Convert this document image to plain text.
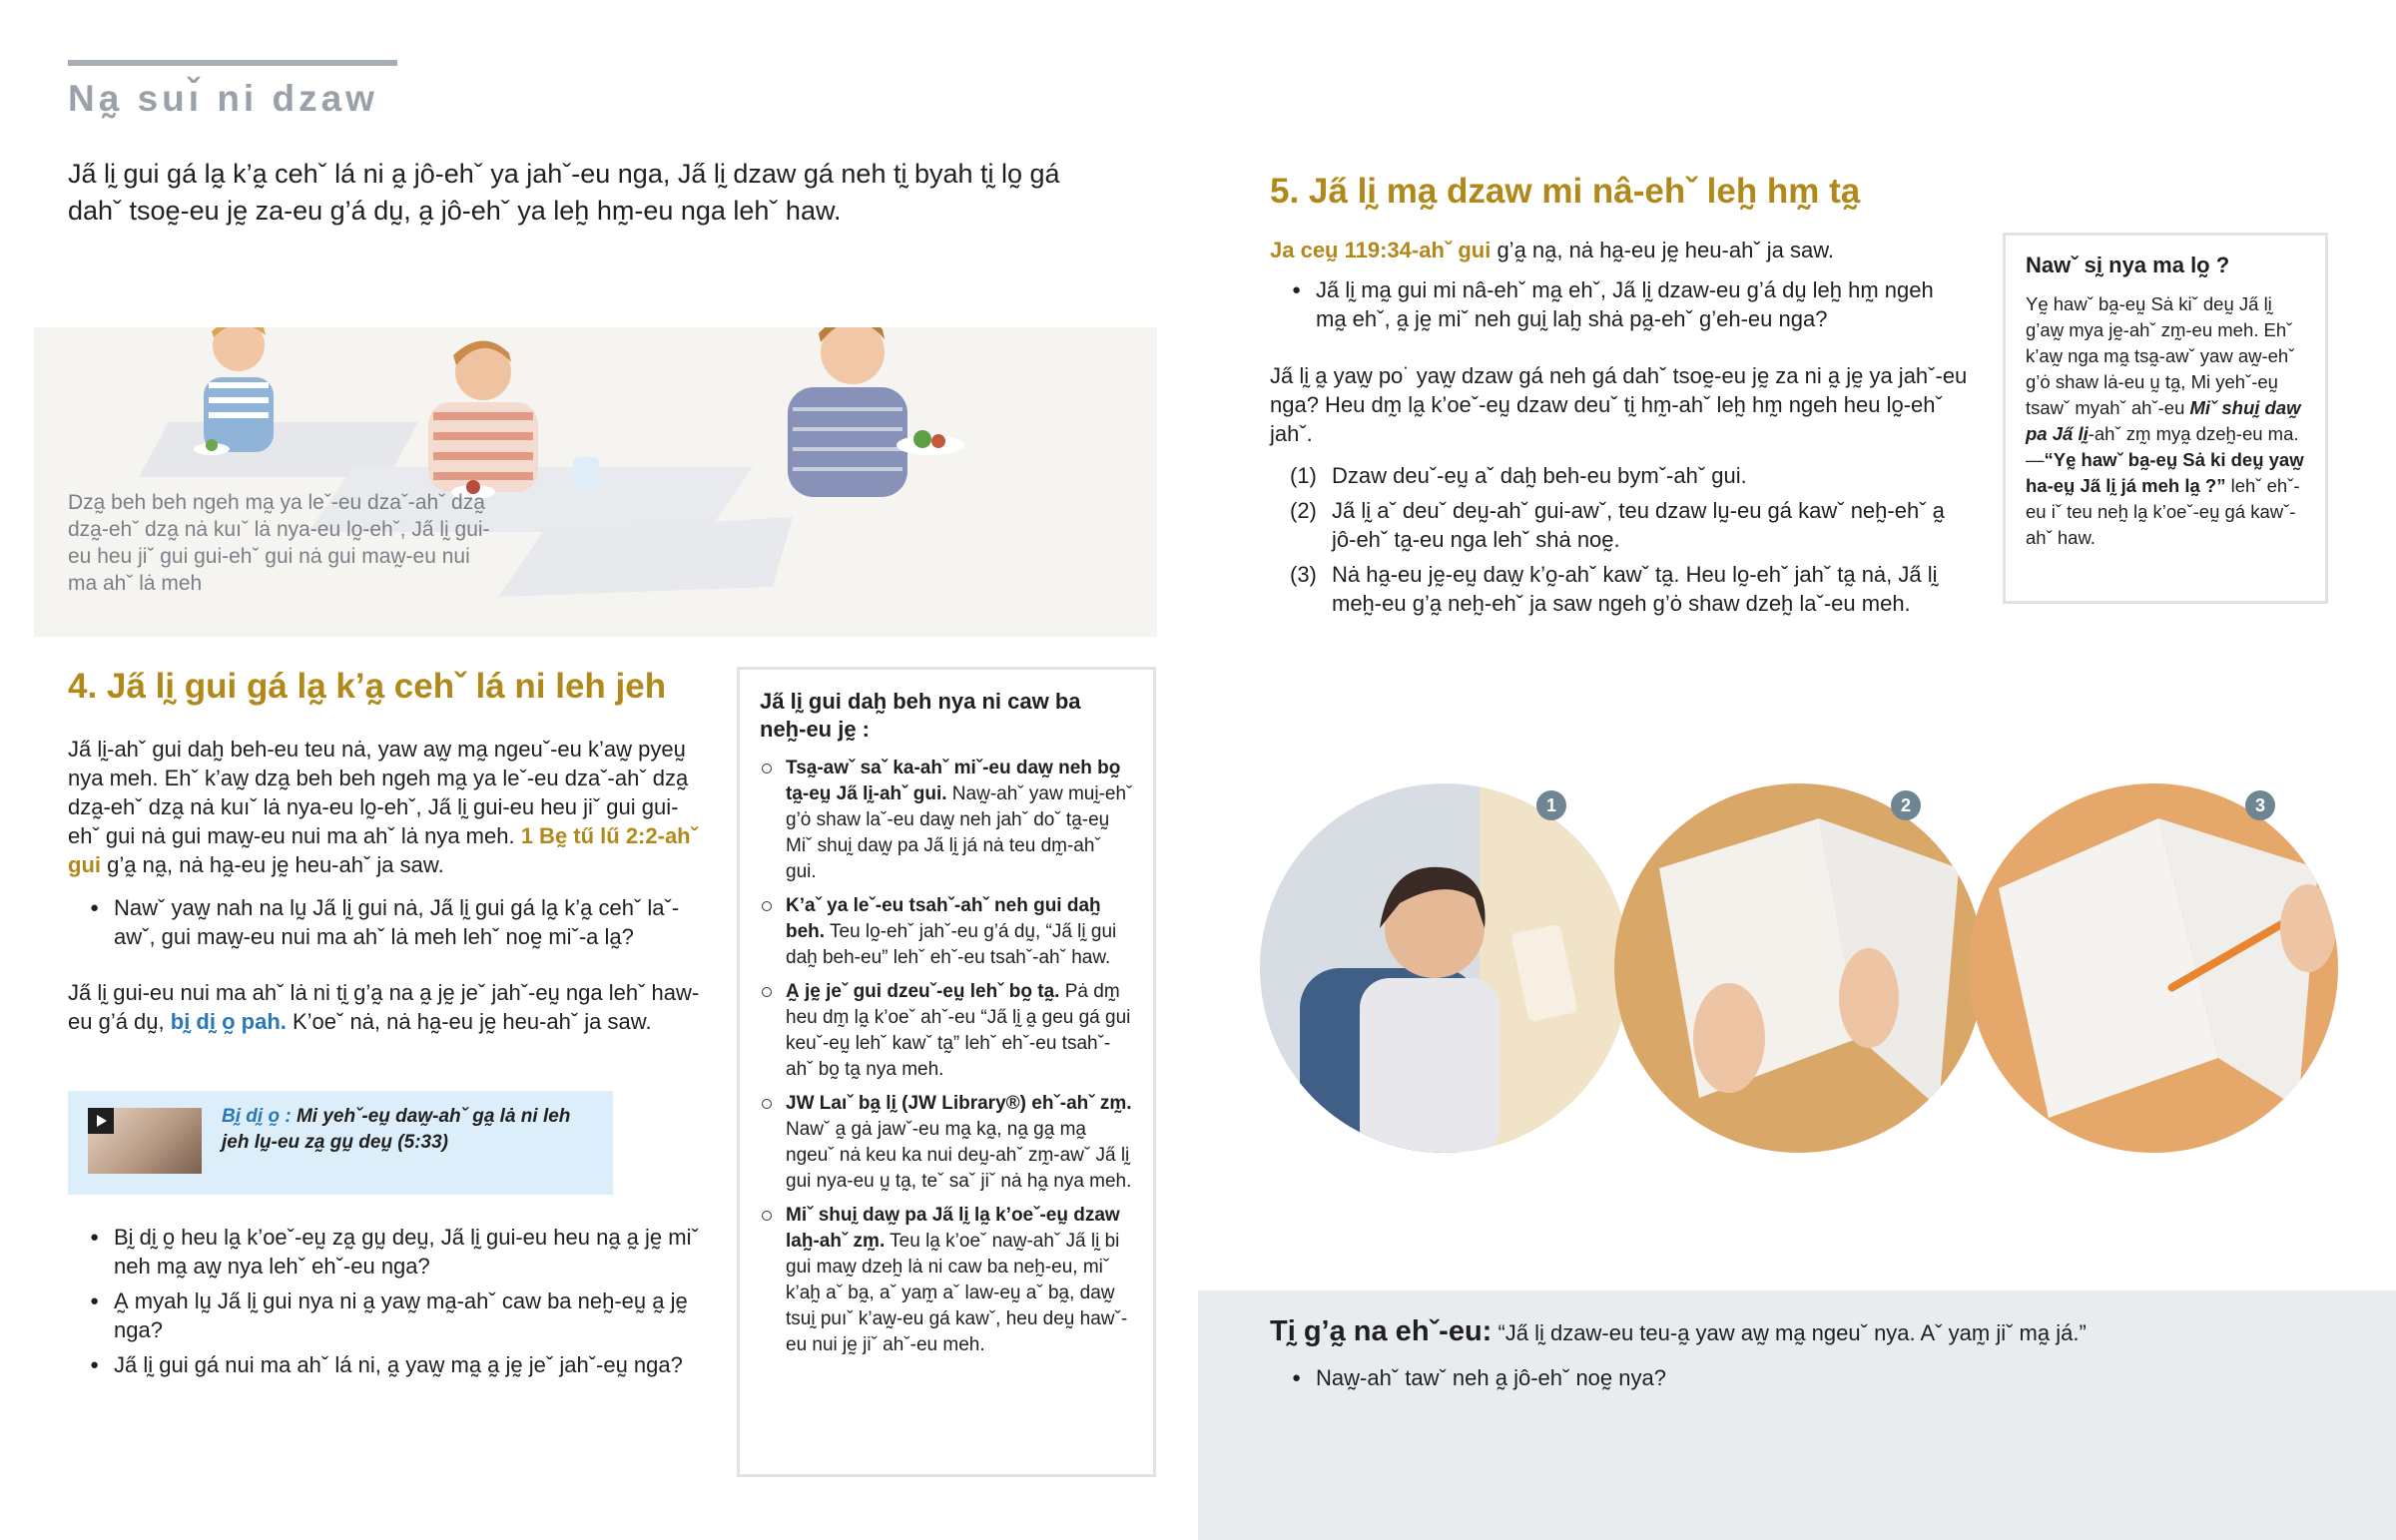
Na̰ suı̌ ni dzaw
Ja̋ lḭ gui gá la̰ k’a̰ cehˇ lá ni a̰ jô-ehˇ ya jahˇ-eu nga, Ja̋ lḭ dzaw gá neh tḭ byah tḭ lo̰ gá dahˇ tsoḛ-eu jḛ za-eu g’á dṵ, a̰ jô-ehˇ ya leh̰ hm̰-eu nga lehˇ haw.
Dza̰ beh beh ngeh ma̰ ya leˇ-eu dzaˇ-ahˇ dza̰ dza̰-ehˇ dza̰ nȧ kuıˇ lȧ nya-eu lo̰-ehˇ, Ja̋ lḭ gui-eu heu jiˇ gui gui-ehˇ gui nȧ gui maw̰-eu nui ma ahˇ lȧ meh
4. Ja̋ lḭ gui gá la̰ k’a̰ cehˇ lá ni leh jeh
Ja̋ lḭ-ahˇ gui dah̰ beh-eu teu nȧ, yaw aw̰ ma̰ ngeuˇ-eu k’aw̰ pyeṵ nya meh. Ehˇ k’aw̰ dza̰ beh beh ngeh ma̰ ya leˇ-eu dzaˇ-ahˇ dza̰ dza̰-ehˇ dza̰ nȧ kuıˇ lȧ nya-eu lo̰-ehˇ, Ja̋ lḭ gui-eu heu jiˇ gui gui-ehˇ gui nȧ gui maw̰-eu nui ma ahˇ lȧ nya meh. 1 Bḛ tű lű 2:2-ahˇ gui g’a̰ na̰, nȧ ha̰-eu jḛ heu-ahˇ ja saw.
● Nawˇ yaw̰ nah na lṵ Ja̋ lḭ gui nȧ, Ja̋ lḭ gui gá la̰ k’a̰ cehˇ laˇ-awˇ, gui maw̰-eu nui ma ahˇ lȧ meh lehˇ noḛ miˇ-a la̰?
Ja̋ lḭ gui-eu nui ma ahˇ lȧ ni tḭ g’a̰ na a̰ jḛ jeˇ jahˇ-eṵ nga lehˇ haw-eu g’á dṵ, bḭ dḭ o̰ pah. K’oeˇ nȧ, nȧ ha̰-eu jḛ heu-ahˇ ja saw.
Bḭ dḭ o̰ : Mi yehˇ-eṵ daw̰-ahˇ ga̰ lȧ ni leh jeh lṵ-eu za̰ gṵ deṵ (5:33)
● Bḭ dḭ o̰ heu la̰ k’oeˇ-eṵ za̰ gṵ deṵ, Ja̋ lḭ gui-eu heu na̰ a̰ jḛ miˇ neh ma̰ aw̰ nya lehˇ ehˇ-eu nga?
● A̰ myah lṵ Ja̋ lḭ gui nya ni a̰ yaw̰ ma̰-ahˇ caw ba neh̰-eṵ a̰ jḛ nga?
● Ja̋ lḭ gui gá nui ma ahˇ lá ni, a̰ yaw̰ ma̰ a̰ jḛ jeˇ jahˇ-eṵ nga?
Ja̋ lḭ gui dah̰ beh nya ni caw ba neh̰-eu jḛ :
Tsa̰-awˇ saˇ ka-ahˇ miˇ-eu daw̰ neh bo̰ ta̰-eṵ Ja̋ lḭ-ahˇ gui. Naw̰-ahˇ yaw muḭ-ehˇ g’ȯ shaw laˇ-eu daw̰ neh jahˇ doˇ ta̰-eṵ Miˇ shuḭ daw̰ pa Ja̋ lḭ já nȧ teu dm̰-ahˇ gui.
K’aˇ ya leˇ-eu tsahˇ-ahˇ neh gui dah̰ beh. Teu lo̰-ehˇ jahˇ-eu g’á dṵ, “Ja̋ lḭ gui dah̰ beh-eu” lehˇ ehˇ-eu tsahˇ-ahˇ haw.
A̰ jḛ jeˇ gui dzeuˇ-eṵ lehˇ bo̰ ta̰. Pȧ dm̰ heu dm̰ la̰ k’oeˇ ahˇ-eu “Ja̋ lḭ a̰ geu gá gui keuˇ-eṵ lehˇ kawˇ ta̰” lehˇ ehˇ-eu tsahˇ-ahˇ bo̰ ta̰ nya meh.
JW Laıˇ ba̰ lḭ (JW Library®) ehˇ-ahˇ zm̰. Nawˇ a̰ gȧ jawˇ-eu ma̰ ka̰, na̰ ga̰ ma̰ ngeuˇ nȧ keu ka nui deṵ-ahˇ zm̰-awˇ Ja̋ lḭ gui nya-eu ṵ ta̰, teˇ saˇ jiˇ nȧ ha̰ nya meh.
Miˇ shuḭ daw̰ pa Ja̋ lḭ la̰ k’oeˇ-eṵ dzaw lah̰-ahˇ zm̰. Teu la̰ k’oeˇ naw̰-ahˇ Ja̋ lḭ bi gui maw̰ dzeh̰ lȧ ni caw ba neh̰-eu, miˇ k’ah̰ aˇ ba̰, aˇ yam̰ aˇ law-eṵ aˇ ba̰, daw̰ tsuḭ puıˇ k’aw̰-eu gá kawˇ, heu deṵ hawˇ-eu nui jḛ jiˇ ahˇ-eu meh.
5. Ja̋ lḭ ma̰ dzaw mi nâ-ehˇ leh̰ hm̰ ta̰
Ja ceṵ 119:34-ahˇ gui g’a̰ na̰, nȧ ha̰-eu jḛ heu-ahˇ ja saw.
● Ja̋ lḭ ma̰ gui mi nâ-ehˇ ma̰ ehˇ, Ja̋ lḭ dzaw-eu g’á dṵ leh̰ hm̰ ngeh ma̰ ehˇ, a̰ jḛ miˇ neh guḭ lah̰ shȧ pa̰-ehˇ g’eh-eu nga?
Ja̋ lḭ a̰ yaw̰ po˙ yaw̰ dzaw gá neh gá dahˇ tsoḛ-eu jḛ za ni a̰ jḛ ya jahˇ-eu nga? Heu dm̰ la̰ k’oeˇ-eṵ dzaw deuˇ tḭ hm̰-ahˇ leh̰ hm̰ ngeh heu lo̰-ehˇ jahˇ.
(1) Dzaw deuˇ-eṵ aˇ dah̰ beh-eu bymˇ-ahˇ gui.
(2) Ja̋ lḭ aˇ deuˇ deṵ-ahˇ gui-awˇ, teu dzaw lṵ-eu gá kawˇ neh̰-ehˇ a̰ jô-ehˇ ta̰-eu nga lehˇ shȧ noḛ.
(3) Nȧ ha̰-eu jḛ-eṵ daw̰ k’o̰-ahˇ kawˇ ta̰. Heu lo̰-ehˇ jahˇ ta̰ nȧ, Ja̋ lḭ meh̰-eu g’a̰ neh̰-ehˇ ja saw ngeh g’ȯ shaw dzeh̰ laˇ-eu meh.
Nawˇ sḭ nya ma lo̰ ?
Yḛ hawˇ ba̰-eṵ Sȧ kiˇ deṵ Ja̋ lḭ g’aw̰ mya jḛ-ahˇ zm̰-eu meh. Ehˇ k’aw̰ nga ma̰ tsa̰-awˇ yaw aw̰-ehˇ g’ȯ shaw lȧ-eu ṵ ta̰, Mi yehˇ-eṵ tsawˇ myahˇ ahˇ-eu Miˇ shuḭ daw̰ pa Ja̋ lḭ-ahˇ zm̰ mya̰ dzeh̰-eu ma.—“Yḛ hawˇ ba̰-eṵ Sȧ ki deṵ yaw̰ ha-eṵ Ja̋ lḭ já meh la̰ ?” lehˇ ehˇ-eu iˇ teu neh̰ la̰ k’oeˇ-eṵ gá kawˇ-ahˇ haw.
1	2	3
Tḭ g’a̰ na ehˇ-eu: “Ja̋ lḭ dzaw-eu teu-a̰ yaw aw̰ ma̰ ngeuˇ nya. Aˇ yam̰ jiˇ ma̰ já.”
● Naw̰-ahˇ tawˇ neh a̰ jô-ehˇ noḛ nya?
